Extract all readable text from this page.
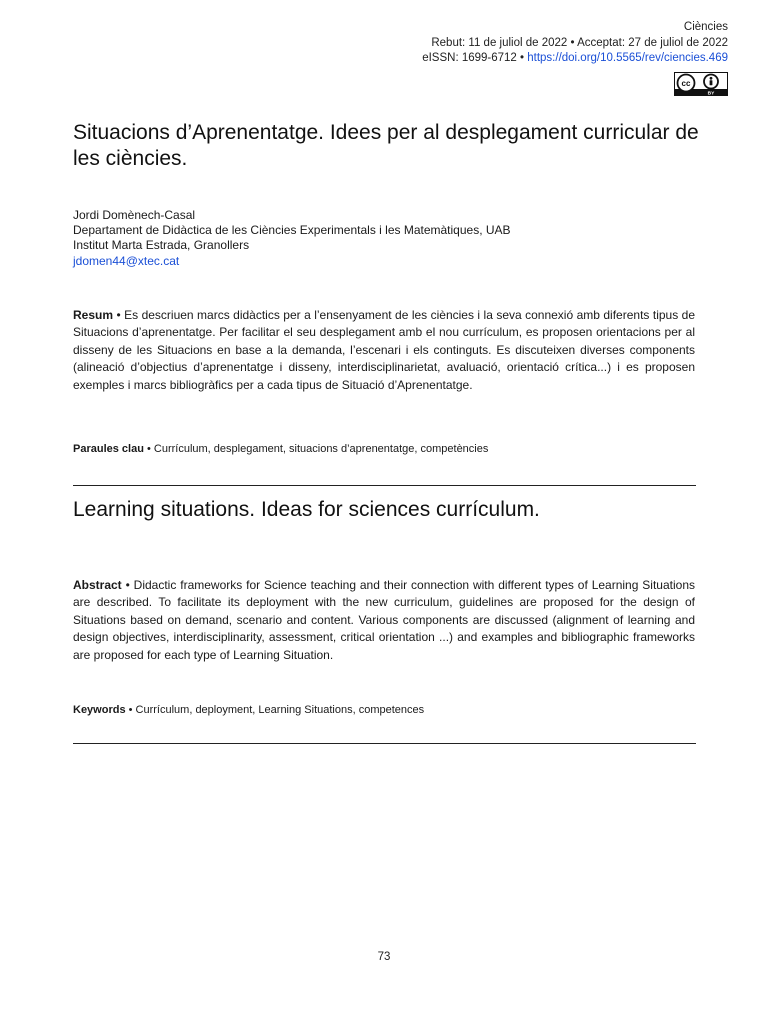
Ciències
Rebut: 11 de juliol de 2022 • Acceptat: 27 de juliol de 2022
eISSN: 1699-6712 • https://doi.org/10.5565/rev/ciencies.469
cc
BY
Situacions d’Aprenentatge. Idees per al desplegament curricular de les ciències.
Jordi Domènech-Casal
Departament de Didàctica de les Ciències Experimentals i les Matemàtiques, UAB
Institut Marta Estrada, Granollers
jdomen44@xtec.cat
Resum • Es descriuen marcs didàctics per a l’ensenyament de les ciències i la seva connexió amb diferents tipus de Situacions d’aprenentatge. Per facilitar el seu desplegament amb el nou currículum, es proposen orientacions per al disseny de les Situacions en base a la demanda, l’escenari i els continguts. Es discuteixen diverses components (alineació d’objectius d’aprenentatge i disseny, interdisciplinarietat, avaluació, orientació crítica...) i es proposen exemples i marcs bibliogràfics per a cada tipus de Situació d’Aprenentatge.
Paraules clau • Currículum, desplegament, situacions d’aprenentatge, competències
Learning situations. Ideas for sciences currículum.
Abstract • Didactic frameworks for Science teaching and their connection with different types of Learning Situations are described. To facilitate its deployment with the new curriculum, guidelines are proposed for the design of Situations based on demand, scenario and content. Various components are discussed (alignment of learning and design objectives, interdisciplinarity, assessment, critical orientation ...) and examples and bibliographic frameworks are proposed for each type of Learning Situation.
Keywords • Currículum, deployment, Learning Situations, competences
73
